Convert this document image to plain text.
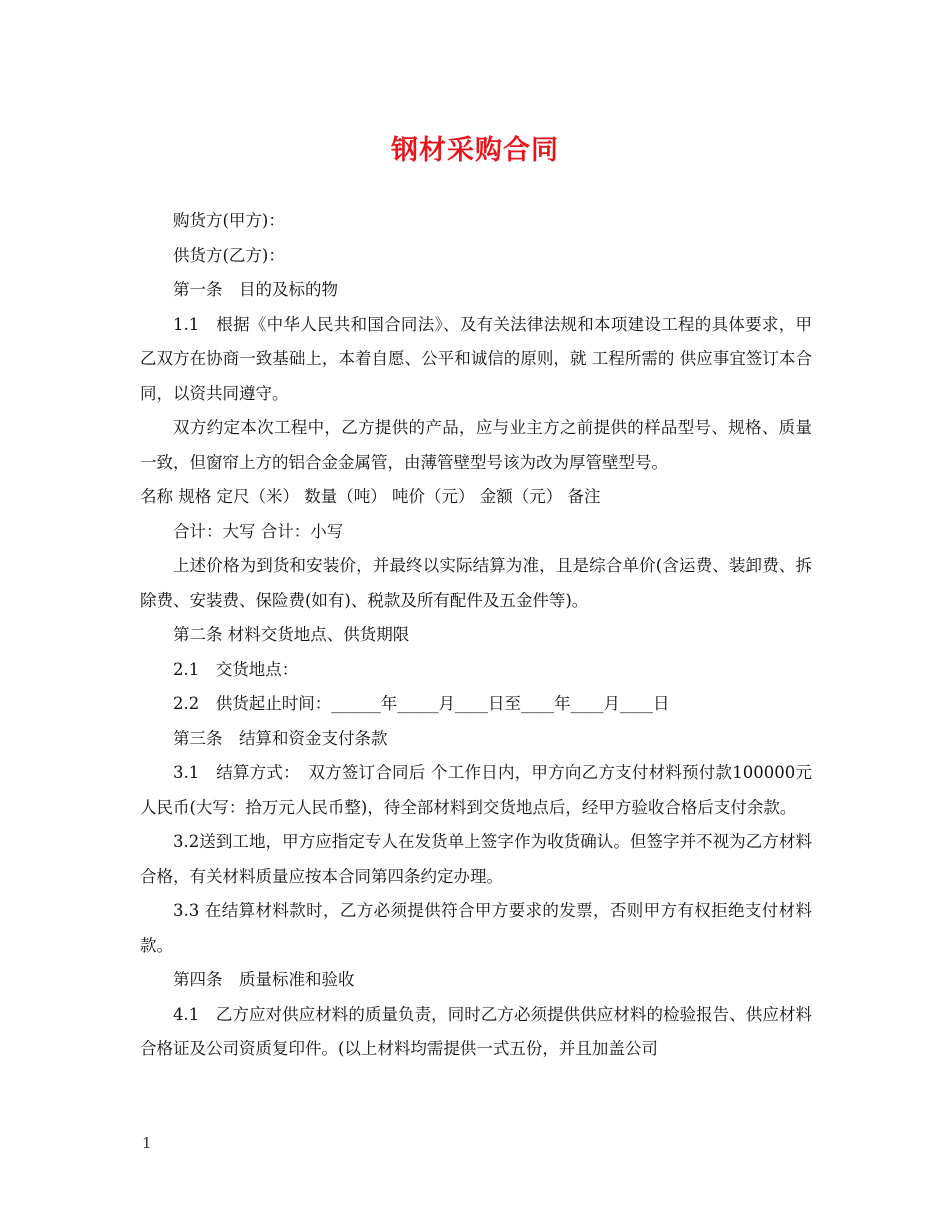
钢材采购合同

购货方(甲方)：

供货方(乙方)：

第一条　目的及标的物

1.1　根据《中华人民共和国合同法》、及有关法律法规和本项建设工程的具体要求，甲乙双方在协商一致基础上，本着自愿、公平和诚信的原则，就 工程所需的 供应事宜签订本合同，以资共同遵守。

双方约定本次工程中，乙方提供的产品，应与业主方之前提供的样品型号、规格、质量一致，但窗帘上方的铝合金金属管，由薄管壁型号该为改为厚管壁型号。

名称 规格 定尺（米） 数量（吨） 吨价（元） 金额（元） 备注

合计：大写 合计：小写

上述价格为到货和安装价，并最终以实际结算为准，且是综合单价(含运费、装卸费、拆除费、安装费、保险费(如有)、税款及所有配件及五金件等)。

第二条 材料交货地点、供货期限

2.1　交货地点：

2.2　供货起止时间：______年_____月____日至____年____月____日

第三条　结算和资金支付条款

3.1　结算方式：　双方签订合同后 个工作日内，甲方向乙方支付材料预付款100000元人民币(大写：拾万元人民币整)，待全部材料到交货地点后，经甲方验收合格后支付余款。

3.2送到工地，甲方应指定专人在发货单上签字作为收货确认。但签字并不视为乙方材料合格，有关材料质量应按本合同第四条约定办理。

3.3 在结算材料款时，乙方必须提供符合甲方要求的发票，否则甲方有权拒绝支付材料款。

第四条　质量标准和验收

4.1　乙方应对供应材料的质量负责，同时乙方必须提供供应材料的检验报告、供应材料合格证及公司资质复印件。(以上材料均需提供一式五份，并且加盖公司

1
